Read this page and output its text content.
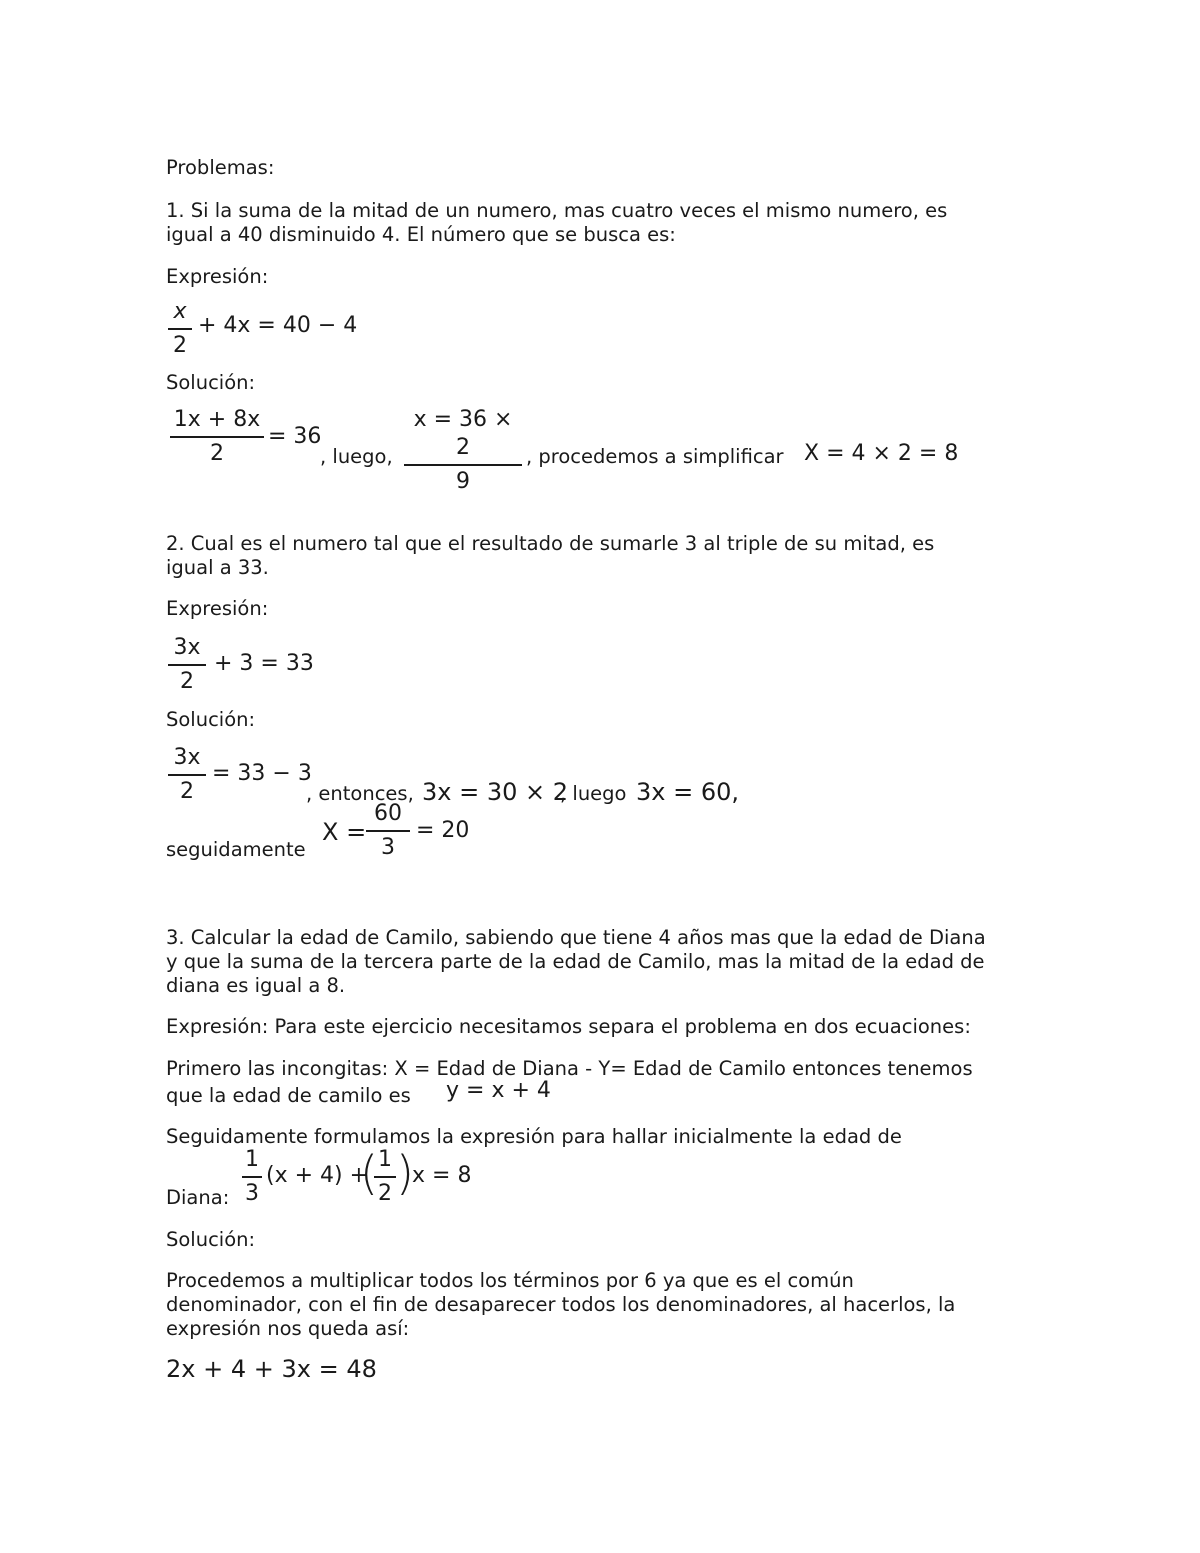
Problemas:
1. Si la suma de la mitad de un numero, mas cuatro veces el mismo numero, es
igual a 40 disminuido 4. El número que se busca es:
Expresión:
x
2
+ 4x = 40 − 4
Solución:
1x + 8x
2
= 36
, luego,
x = 36 × 2
9
, procedemos a simplificar X = 4 × 2 = 8
2. Cual es el numero tal que el resultado de sumarle 3 al triple de su mitad, es
igual a 33.
Expresión:
3x
2
+ 3 = 33
Solución:
3x
2
= 33 − 3
, entonces, 3x = 30 × 2
, luego 3x = 60,
seguidamente
X =
60
3
= 20
3. Calcular la edad de Camilo, sabiendo que tiene 4 años mas que la edad de Diana
y que la suma de la tercera parte de la edad de Camilo, mas la mitad de la edad de
diana es igual a 8.
Expresión: Para este ejercicio necesitamos separa el problema en dos ecuaciones:
Primero las incongitas: X = Edad de Diana - Y= Edad de Camilo entonces tenemos
que la edad de camilo es y = x + 4
Seguidamente formulamos la expresión para hallar inicialmente la edad de
Diana:
1
3
(x + 4) +
( 1
2 )
x = 8
Solución:
Procedemos a multiplicar todos los términos por 6 ya que es el común
denominador, con el fin de desaparecer todos los denominadores, al hacerlos, la
expresión nos queda así:
2x + 4 + 3x = 48
